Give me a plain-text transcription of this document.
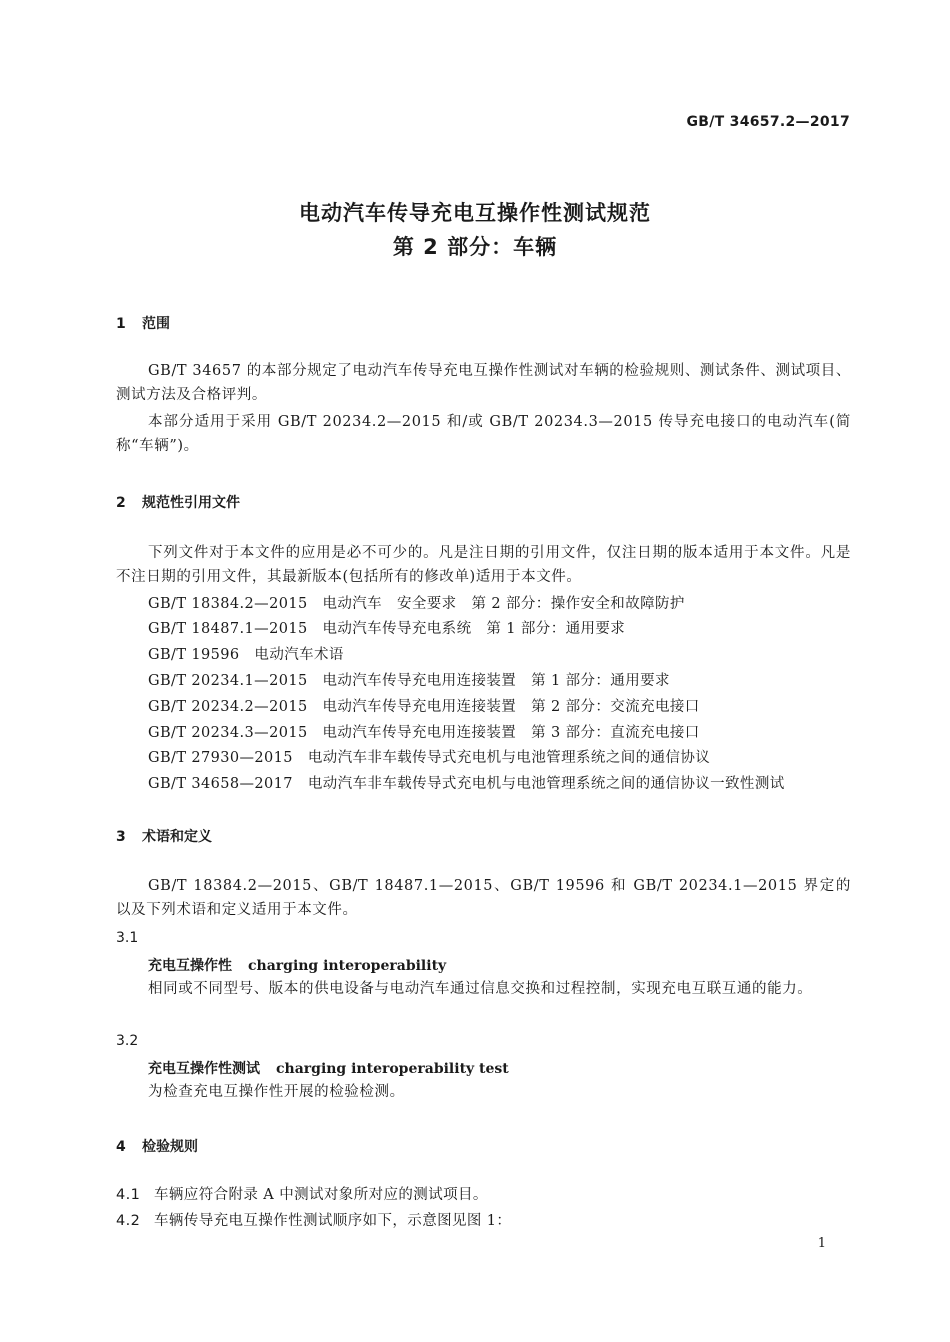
GB/T 34657.2—2017
电动汽车传导充电互操作性测试规范
第 2 部分：车辆
1 范围
GB/T 34657 的本部分规定了电动汽车传导充电互操作性测试对车辆的检验规则、测试条件、测试项目、测试方法及合格评判。
本部分适用于采用 GB/T 20234.2—2015 和/或 GB/T 20234.3—2015 传导充电接口的电动汽车(简称“车辆”)。
2 规范性引用文件
下列文件对于本文件的应用是必不可少的。凡是注日期的引用文件，仅注日期的版本适用于本文件。凡是不注日期的引用文件，其最新版本(包括所有的修改单)适用于本文件。
GB/T 18384.2—2015　电动汽车　安全要求　第 2 部分：操作安全和故障防护
GB/T 18487.1—2015　电动汽车传导充电系统　第 1 部分：通用要求
GB/T 19596　电动汽车术语
GB/T 20234.1—2015　电动汽车传导充电用连接装置　第 1 部分：通用要求
GB/T 20234.2—2015　电动汽车传导充电用连接装置　第 2 部分：交流充电接口
GB/T 20234.3—2015　电动汽车传导充电用连接装置　第 3 部分：直流充电接口
GB/T 27930—2015　电动汽车非车载传导式充电机与电池管理系统之间的通信协议
GB/T 34658—2017　电动汽车非车载传导式充电机与电池管理系统之间的通信协议一致性测试
3 术语和定义
GB/T 18384.2—2015、GB/T 18487.1—2015、GB/T 19596 和 GB/T 20234.1—2015 界定的以及下列术语和定义适用于本文件。
3.1
充电互操作性 charging interoperability
相同或不同型号、版本的供电设备与电动汽车通过信息交换和过程控制，实现充电互联互通的能力。
3.2
充电互操作性测试 charging interoperability test
为检查充电互操作性开展的检验检测。
4 检验规则
4.1 车辆应符合附录 A 中测试对象所对应的测试项目。
4.2 车辆传导充电互操作性测试顺序如下，示意图见图 1：
1
